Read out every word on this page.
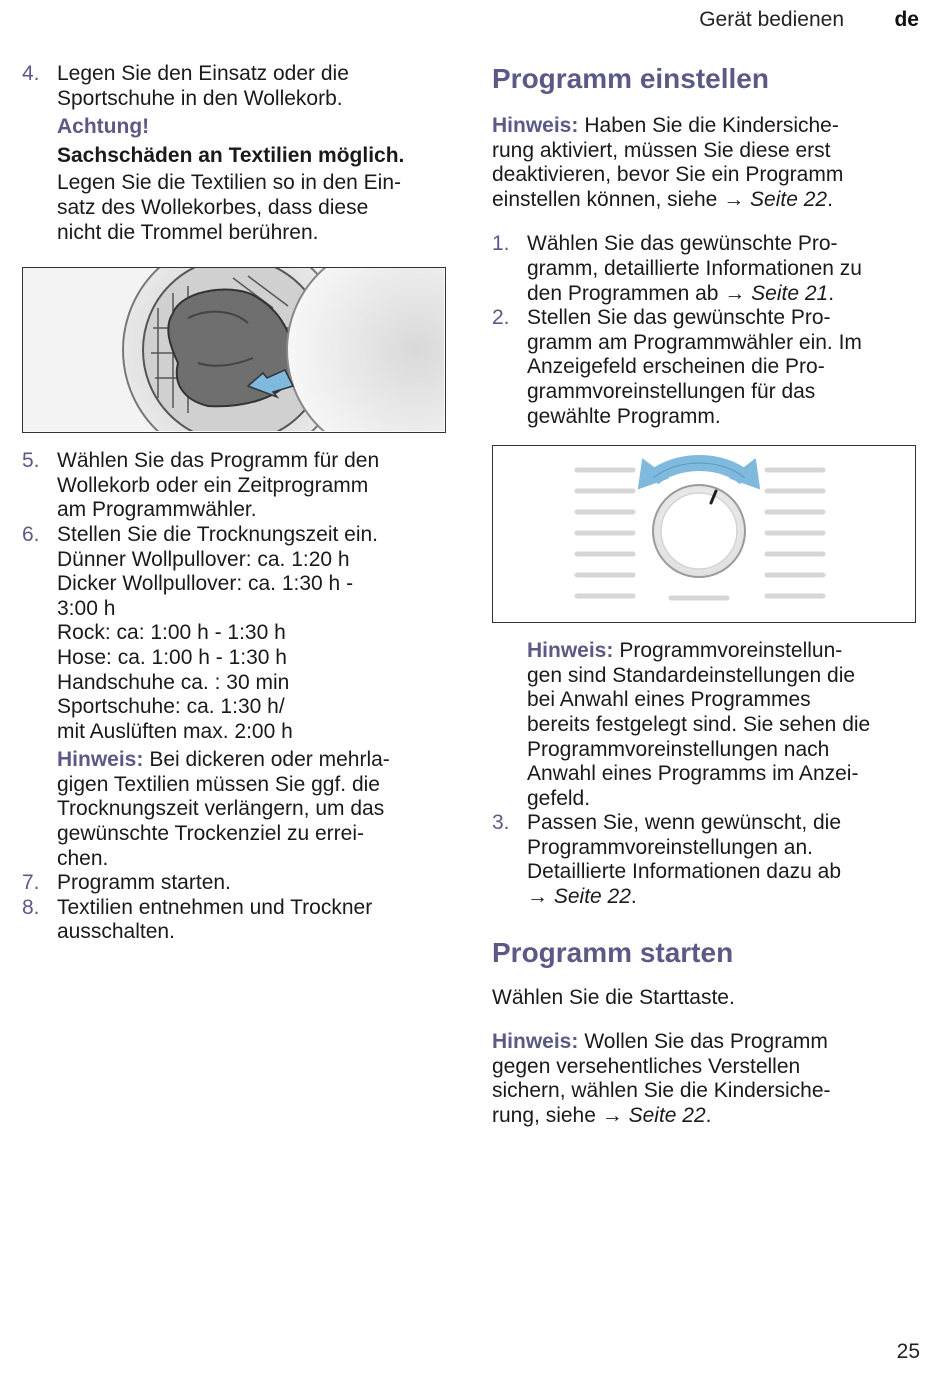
Gerät bedienen de
4. Legen Sie den Einsatz oder die
Sportschuhe in den Wollekorb.
Achtung!
Sachschäden an Textilien möglich.
Legen Sie die Textilien so in den Ein-
satz des Wollekorbes, dass diese
nicht die Trommel berühren.
5. Wählen Sie das Programm für den
Wollekorb oder ein Zeitprogramm
am Programmwähler.
6. Stellen Sie die Trocknungszeit ein.
Dünner Wollpullover: ca. 1:20 h
Dicker Wollpullover: ca. 1:30 h -
3:00 h
Rock: ca: 1:00 h - 1:30 h
Hose: ca. 1:00 h - 1:30 h
Handschuhe ca. : 30 min
Sportschuhe: ca. 1:30 h/
mit Auslüften max. 2:00 h
Hinweis: Bei dickeren oder mehrla-
gigen Textilien müssen Sie ggf. die
Trocknungszeit verlängern, um das
gewünschte Trockenziel zu errei-
chen.
7. Programm starten.
8. Textilien entnehmen und Trockner
ausschalten.
Programm einstellen
Hinweis: Haben Sie die Kindersiche-
rung aktiviert, müssen Sie diese erst
deaktivieren, bevor Sie ein Programm
einstellen können, siehe → Seite 22.
1. Wählen Sie das gewünschte Pro-
gramm, detaillierte Informationen zu
den Programmen ab → Seite 21.
2. Stellen Sie das gewünschte Pro-
gramm am Programmwähler ein. Im
Anzeigefeld erscheinen die Pro-
grammvoreinstellungen für das
gewählte Programm.
Hinweis: Programmvoreinstellun-
gen sind Standardeinstellungen die
bei Anwahl eines Programmes
bereits festgelegt sind. Sie sehen die
Programmvoreinstellungen nach
Anwahl eines Programms im Anzei-
gefeld.
3. Passen Sie, wenn gewünscht, die
Programmvoreinstellungen an.
Detaillierte Informationen dazu ab
→ Seite 22.
Programm starten
Wählen Sie die Starttaste.
Hinweis: Wollen Sie das Programm
gegen versehentliches Verstellen
sichern, wählen Sie die Kindersiche-
rung, siehe → Seite 22.
25
